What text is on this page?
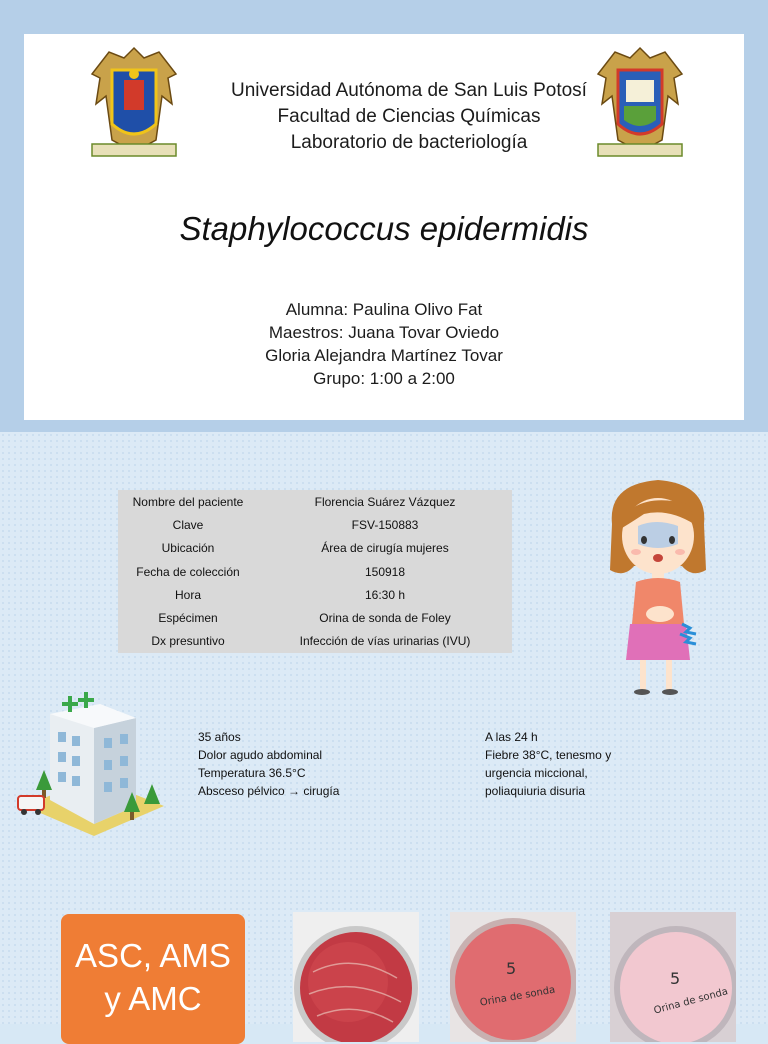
Universidad Autónoma de San Luis Potosí
Facultad de Ciencias Químicas
Laboratorio de bacteriología
Staphylococcus epidermidis
Alumna: Paulina Olivo Fat
Maestros: Juana Tovar Oviedo
Gloria Alejandra Martínez Tovar
Grupo: 1:00 a 2:00
Nombre del paciente	Florencia Suárez Vázquez
Clave	FSV-150883
Ubicación	Área de cirugía mujeres
Fecha de colección	150918
Hora	16:30 h
Espécimen	Orina de sonda de Foley
Dx presuntivo	Infección de vías urinarias (IVU)
35 años
Dolor agudo abdominal
Temperatura 36.5°C
Absceso pélvico → cirugía
A las 24 h
Fiebre 38°C, tenesmo y
urgencia miccional,
poliaquiuria disuria
ASC, AMS
y AMC
5
Orina de sonda
5
Orina de sonda
